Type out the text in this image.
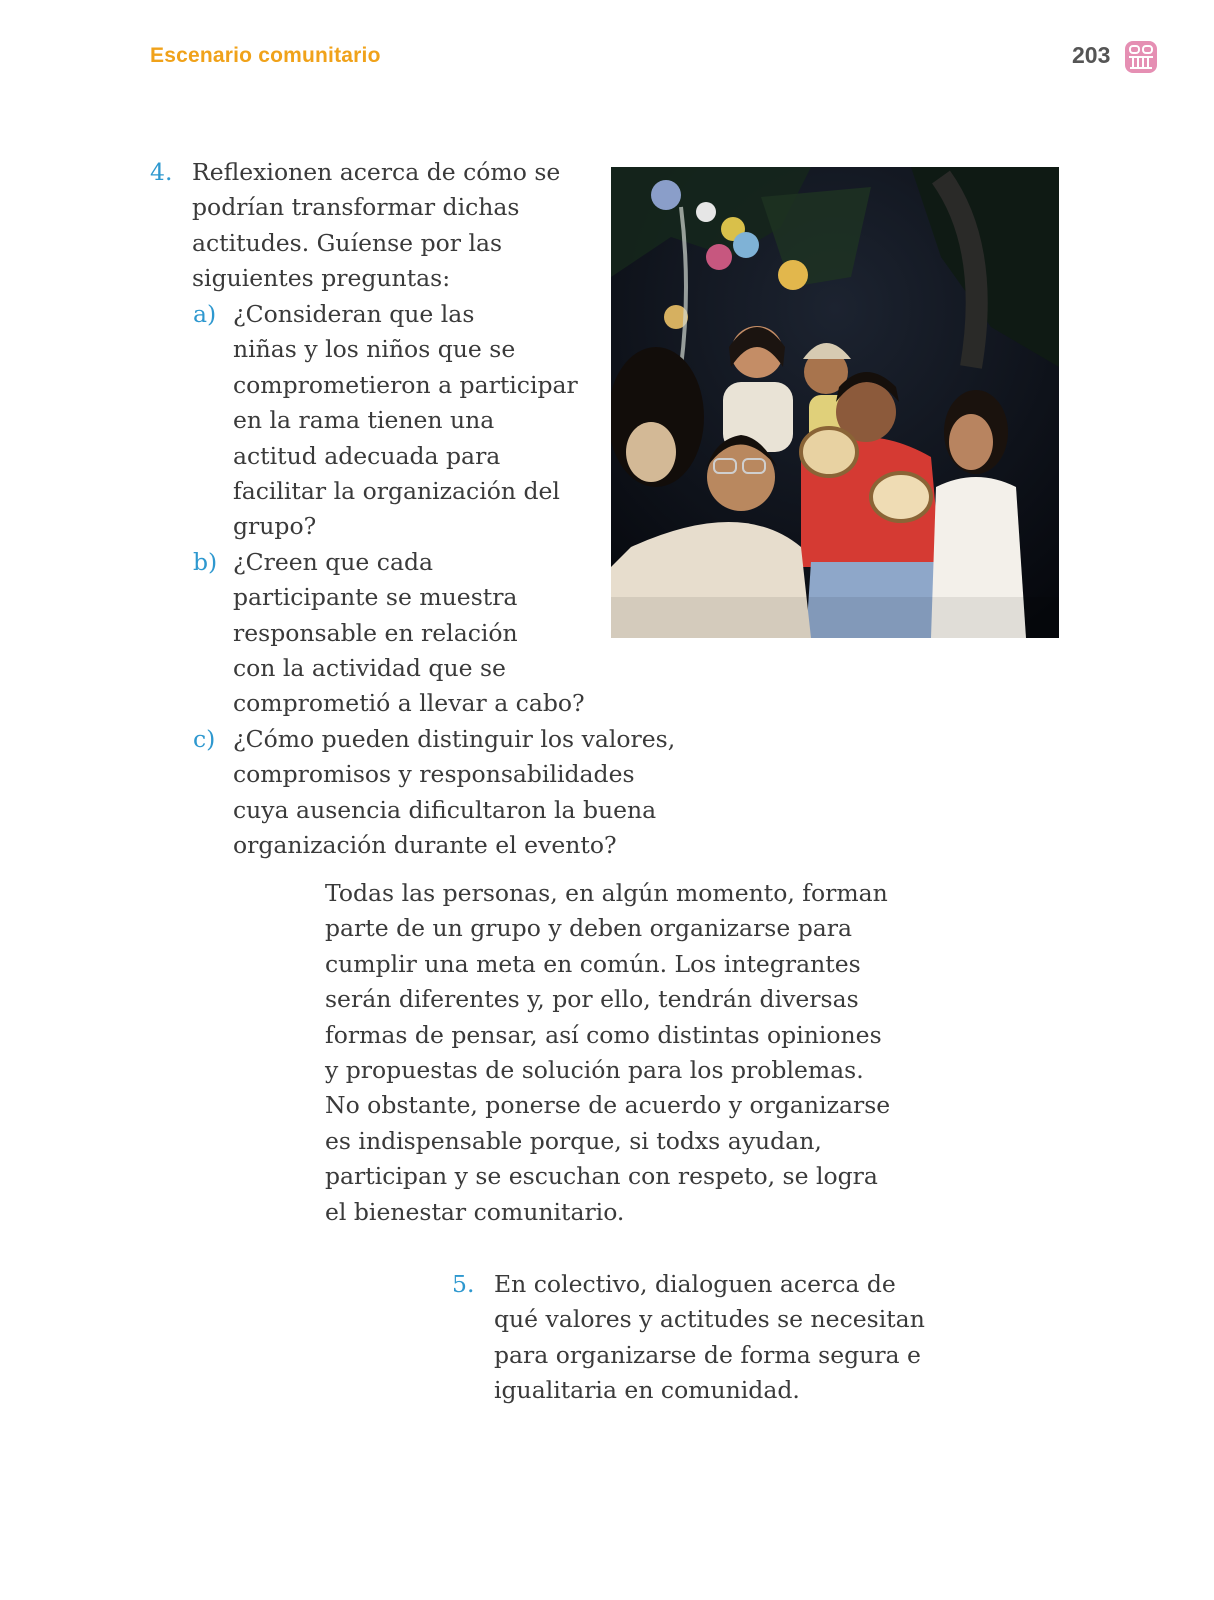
Escenario comunitario	203
4. Reflexionen acerca de cómo se podrían transformar dichas actitudes. Guíense por las siguientes preguntas:
a) ¿Consideran que las
niñas y los niños que se
comprometieron a participar
en la rama tienen una
actitud adecuada para
facilitar la organización del
grupo?
b) ¿Creen que cada
participante se muestra
responsable en relación
con la actividad que se
comprometió a llevar a cabo?
c) ¿Cómo pueden distinguir los valores,
compromisos y responsabilidades
cuya ausencia dificultaron la buena
organización durante el evento?
Todas las personas, en algún momento, forman
parte de un grupo y deben organizarse para
cumplir una meta en común. Los integrantes
serán diferentes y, por ello, tendrán diversas
formas de pensar, así como distintas opiniones
y propuestas de solución para los problemas.
No obstante, ponerse de acuerdo y organizarse
es indispensable porque, si todxs ayudan,
participan y se escuchan con respeto, se logra
el bienestar comunitario.
5. En colectivo, dialoguen acerca de
qué valores y actitudes se necesitan
para organizarse de forma segura e
igualitaria en comunidad.
